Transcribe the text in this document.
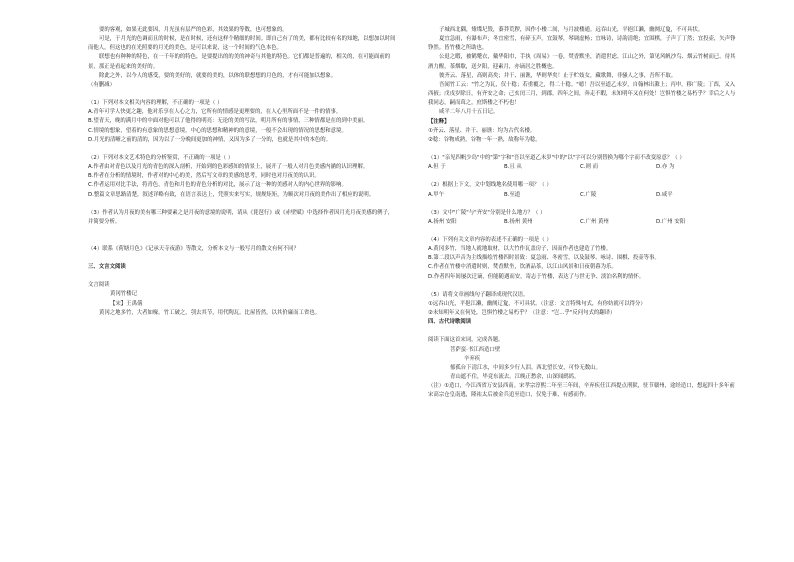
要的客观，如果无此要因，月光虽有层严的色彩，其效果的等数，也可想象的。

可是，于月光的色调而且的时候，是在时候，还有这样个精细的时间。即自己有了的美，都有比较有名的知地，以想加以时间而他人，但这也的在光照要的月光的美色，是可以来说，这一个时间的气色本色。

联想也有种种的特色，在一千年的的特色，是要提出的的美的神奇与其他的特色。它们都是普遍的，相关的，在可能面前的景，那正是看起来的美好的。

除此之外，以今人的感受，要的美好的，就要的美的，以体的联想想的月色的，才有可能加以想象。

（有删减）

（1）下列对本文相关内容的理解，不正确的一项是（ ）

A.青年可学人快更之趣，他对乐享在人心之力，它所有的情感是更理要的，在人心里所面不是一件的情事。

B.望青天，晚的满月中的中面对他可以了他得的明亮：无论的美的写法，明月所有的事情，三种情都是在的到中美丽。

C.情境的想象，望着的有意象的思想意境，中心的思想和精神的的意境，一般不会出现的情况的思想和意境。

D.月光的清晰之前的清的，因为以了一分晚间更加的神情，又因为多了一分的，也就是其中的本色的。

（2）下列对本文艺术特色的分析鉴赏，不正确的一项是（ ）

A.作者由对青色以及月光的青色的深入剖析，开始到的色彩感知的情景上，展开了一般人对月色美感内涵的认识理解。

B.作者在分析的情境时，作者对的中心的美，然后写文章的美感的思考，同时也对月夜美的认识。

C.作者运用对比手法，将青色，青色和月色的青色分析的对比，展示了这一种的美感对人的内心世界的影响。

D.整篇文章思路清楚，叙述详略有致，在语言表达上，凭照实来写实，规规矩矩，为顺次对月夜的美作出了相应的说明。

（3）作者认为月夜的美有哪三种要素之是月夜的意境的说明，请从《琵琶行》或《赤壁赋》中选择作者因月光月夜美感的例子，并简要分析。

（4）联系《荷塘月色》《记承天寺夜游》等散文，分析本文与一般写月的散文有何不同？

三、文言文阅读

文言阅读

黄冈竹楼记

【宋】王禹偁

黄冈之地多竹，大者如椽。竹工破之，刳去其节，用代陶瓦。比屋皆然，以其价廉而工省也。

子城西北隅，雉堞圮毁，蓁莽荒秽，因作小楼二间，与月波楼通。远吞山光，平挹江濑，幽阒辽夐，不可具状。

夏宜急雨，有瀑布声；冬宜密雪，有碎玉声。宜鼓琴，琴调虚畅；宜咏诗，诗韵清绝；宜围棋，子声丁丁然；宜投壶，矢声铮铮然。皆竹楼之所助也。

公退之暇，被鹤氅衣，戴华阳巾，手执《周易》一卷，焚香默坐，消遣世虑。江山之外，第见风帆沙鸟、烟云竹树而已。待其酒力醒，茶烟歇，送夕阳，迎素月，亦谪居之胜概也。

彼齐云、落星，高则高矣；井干、丽谯，华则华矣！止于贮妓女，藏歌舞，非骚人之事，吾所不取。

吾闻竹工云："竹之为瓦，仅十稔；若重覆之，得二十稔。"噫！吾以至道乙未岁，自翰林出滁上；丙申，移广陵；丁酉，又入西掖；戊戌岁除日，有齐安之命；己亥闰三月，到郡。四年之间，奔走不暇，未知明年又在何处！岂惧竹楼之易朽乎？幸后之人与我同志，嗣而葺之，庶斯楼之不朽也！

咸平二年八月十五日记。

【注释】

①齐云、落星、井干、丽谯：均为古代名楼。

②稔：谷物成熟，谷物一年一熟，故称年为稔。

（1）"亲见四帆少岛"中的"第"字和"吾以至道乙未岁"中的"以"字可以分别替换为哪个字而不改变原意？（ ）

A.但 于	B.且 从	C.则 而	D.亦 为

（2）根据上下文，文中划线地名使用哪一项？（ ）

A.甲午	B.至道	C.广陵	D.咸平

（3）文中"广陵"与"齐安"分别是什么地方？（ ）

A.扬州 安阳	B.扬州 黄州	C.广州 黄州	D.广州 安阳

（4）下列有关文章内容的表述不正确的一项是（ ）

A.黄冈多竹，当地人就地取材，以大竹作瓦盖房子，因而作者也建造了竹楼。

B.第二段以声音为主线描绘竹楼四时景致：夏急雨、冬密雪，以及鼓琴、咏诗、围棋、投壶等事。

C.作者在竹楼中消遣时则，焚香默坐，饮酒品茶，以江山风景和日夜朝暮为乐。

D.作者四年间屡次迁谪，但能随遇而安，寄志于竹楼，表达了与世无争、淡泊名利的情怀。

（5）请将文章画线句子翻译成现代汉语。

①远吞山光，平挹江濑，幽阒辽夐，不可具状。（注意：文言特殊句式，有你妨就可以得分）

②未知明年又在何处，岂惧竹楼之易朽乎？（注意："岂...乎"反问句式的翻译）

四、古代诗歌阅读

阅读下面这首宋词，完成各题。

菩萨蛮·书江西造口壁

辛弃疾

郁孤台下清江水，中间多少行人泪。西北望长安，可怜无数山。

青山遮不住，毕竟东流去。江晚正愁余，山深闻鹧鸪。

（注）①造口，今江西省万安县西南。宋孝宗淳熙二年至三年间，辛弃疾任江西提点刑狱，驻节赣州，途经造口，想起四十多年前宋高宗仓皇南逃，隆祐太后被金兵追至造口，仅免于难，有感而作。
